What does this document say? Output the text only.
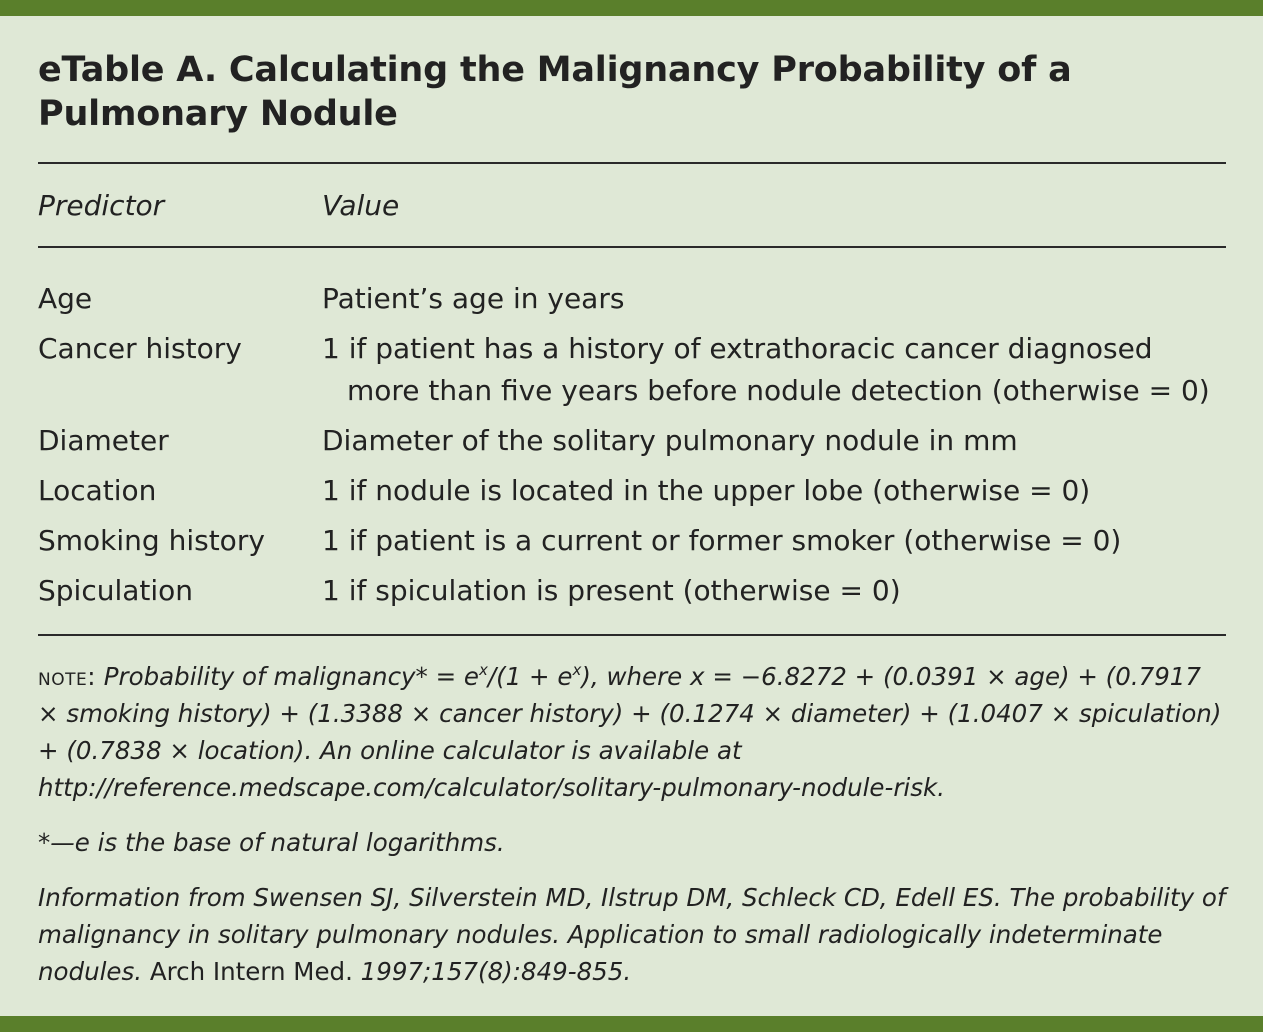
eTable A. Calculating the Malignancy Probability of a Pulmonary Nodule
Predictor	Value
Age	Patient’s age in years
Cancer history	1 if patient has a history of extrathoracic cancer diagnosed more than five years before nodule detection (otherwise = 0)
Diameter	Diameter of the solitary pulmonary nodule in mm
Location	1 if nodule is located in the upper lobe (otherwise = 0)
Smoking history	1 if patient is a current or former smoker (otherwise = 0)
Spiculation	1 if spiculation is present (otherwise = 0)

note: Probability of malignancy* = $e^x/(1 + e^x)$, where x = −6.8272 + (0.0391 × age) + (0.7917 × smoking history) + (1.3388 × cancer history) + (0.1274 × diameter) + (1.0407 × spiculation) + (0.7838 × location). An online calculator is available at http://reference.medscape.com/calculator/solitary-pulmonary-nodule-risk.

*—e is the base of natural logarithms.

Information from Swensen SJ, Silverstein MD, Ilstrup DM, Schleck CD, Edell ES. The probability of malignancy in solitary pulmonary nodules. Application to small radiologically indeterminate nodules. Arch Intern Med. 1997;157(8):849-855.
